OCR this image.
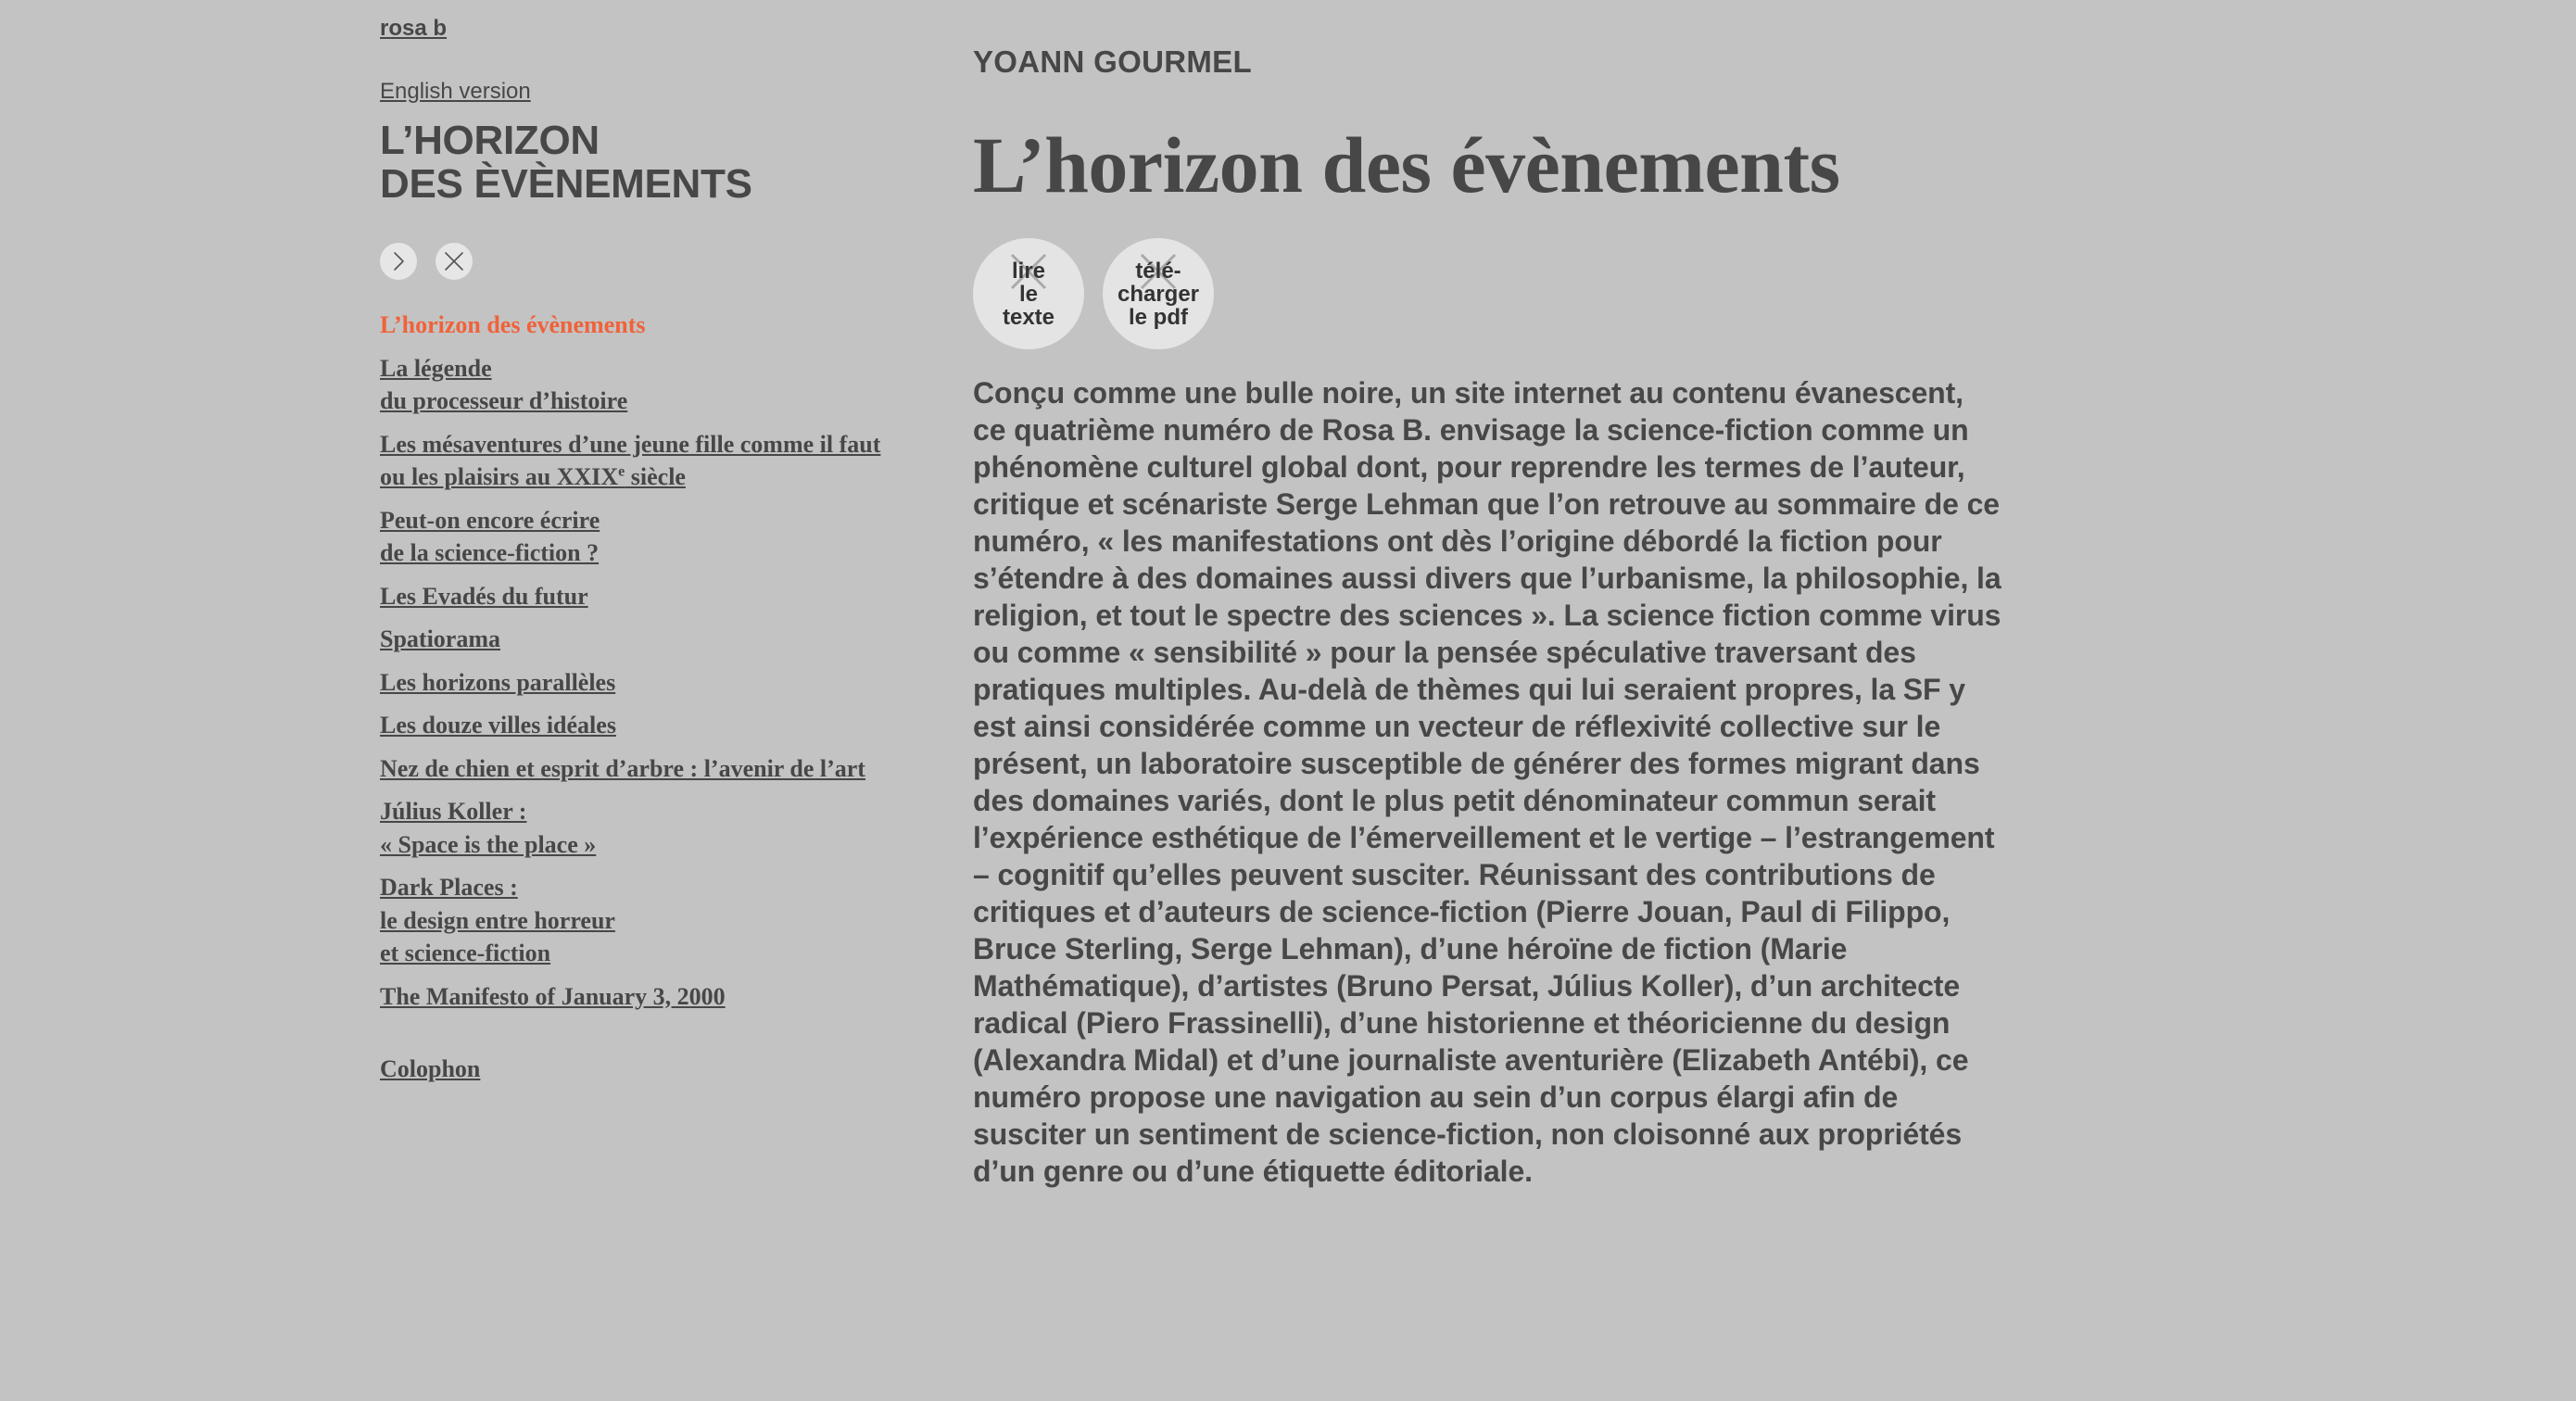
rosa b
English version
L’HORIZON
DES ÈVÈNEMENTS
L’horizon des évènements
La légende
du processeur d’histoire
Les mésaventures d’une jeune fille comme il faut
ou les plaisirs au XXIXe siècle
Peut-on encore écrire
de la science-fiction ?
Les Evadés du futur
Spatiorama
Les horizons parallèles
Les douze villes idéales
Nez de chien et esprit d’arbre : l’avenir de l’art
Július Koller :
« Space is the place »
Dark Places :
le design entre horreur
et science-fiction
The Manifesto of January 3, 2000
Colophon
YOANN GOURMEL
L’horizon des évènements
lire
le
texte
télé-
charger
le pdf

Conçu comme une bulle noire, un site internet au contenu évanescent, ce quatrième numéro de Rosa B. envisage la science-fiction comme un phénomène culturel global dont, pour reprendre les termes de l’auteur, critique et scénariste Serge Lehman que l’on retrouve au sommaire de ce numéro, « les manifestations ont dès l’origine débordé la fiction pour s’étendre à des domaines aussi divers que l’urbanisme, la philosophie, la religion, et tout le spectre des sciences ». La science fiction comme virus ou comme « sensibilité » pour la pensée spéculative traversant des pratiques multiples. Au-delà de thèmes qui lui seraient propres, la SF y est ainsi considérée comme un vecteur de réflexivité collective sur le présent, un laboratoire susceptible de générer des formes migrant dans des domaines variés, dont le plus petit dénominateur commun serait l’expérience esthétique de l’émerveillement et le vertige – l’estrangement – cognitif qu’elles peuvent susciter. Réunissant des contributions de critiques et d’auteurs de science-fiction (Pierre Jouan, Paul di Filippo, Bruce Sterling, Serge Lehman), d’une héroïne de fiction (Marie Mathématique), d’artistes (Bruno Persat, Július Koller), d’un architecte radical (Piero Frassinelli), d’une historienne et théoricienne du design (Alexandra Midal) et d’une journaliste aventurière (Elizabeth Antébi), ce numéro propose une navigation au sein d’un corpus élargi afin de susciter un sentiment de science-fiction, non cloisonné aux propriétés d’un genre ou d’une étiquette éditoriale.
